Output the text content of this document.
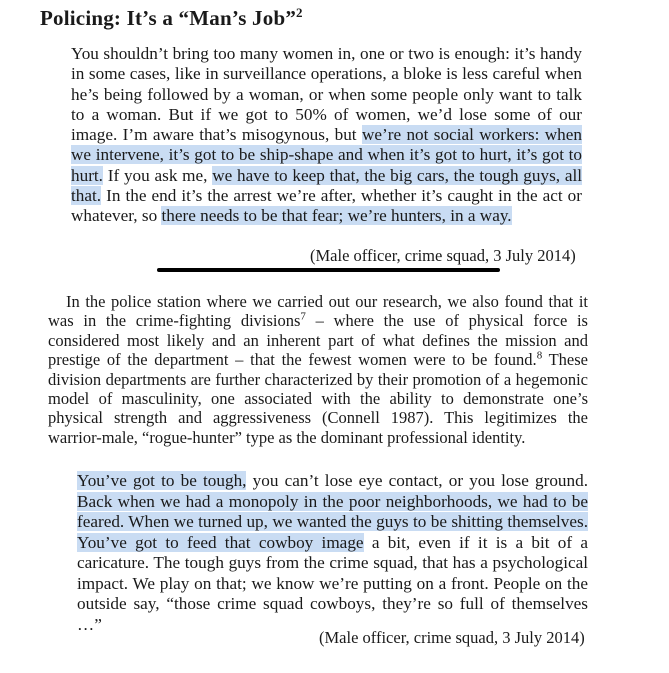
Policing: It’s a “Man’s Job”$^2$
You shouldn’t bring too many women in, one or two is enough: it’s handy in some cases, like in surveillance operations, a bloke is less careful when he’s being followed by a woman, or when some people only want to talk to a woman. But if we got to 50% of women, we’d lose some of our image. I’m aware that’s misogynous, but we’re not social workers: when we intervene, it’s got to be ship-shape and when it’s got to hurt, it’s got to hurt. If you ask me, we have to keep that, the big cars, the tough guys, all that. In the end it’s the arrest we’re after, whether it’s caught in the act or whatever, so there needs to be that fear; we’re hunters, in a way.
(Male officer, crime squad, 3 July 2014)
In the police station where we carried out our research, we also found that it was in the crime-fighting divisions$^7$ – where the use of physical force is considered most likely and an inherent part of what defines the mission and prestige of the department – that the fewest women were to be found.$^8$ These division departments are further characterized by their promotion of a hegemonic model of masculinity, one associated with the ability to demonstrate one’s physical strength and aggressiveness (Connell 1987). This legitimizes the warrior-male, “rogue-hunter” type as the dominant professional identity.
You’ve got to be tough, you can’t lose eye contact, or you lose ground. Back when we had a monopoly in the poor neighborhoods, we had to be feared. When we turned up, we wanted the guys to be shitting themselves. You’ve got to feed that cowboy image a bit, even if it is a bit of a caricature. The tough guys from the crime squad, that has a psychological impact. We play on that; we know we’re putting on a front. People on the outside say, “those crime squad cowboys, they’re so full of themselves …”
(Male officer, crime squad, 3 July 2014)
